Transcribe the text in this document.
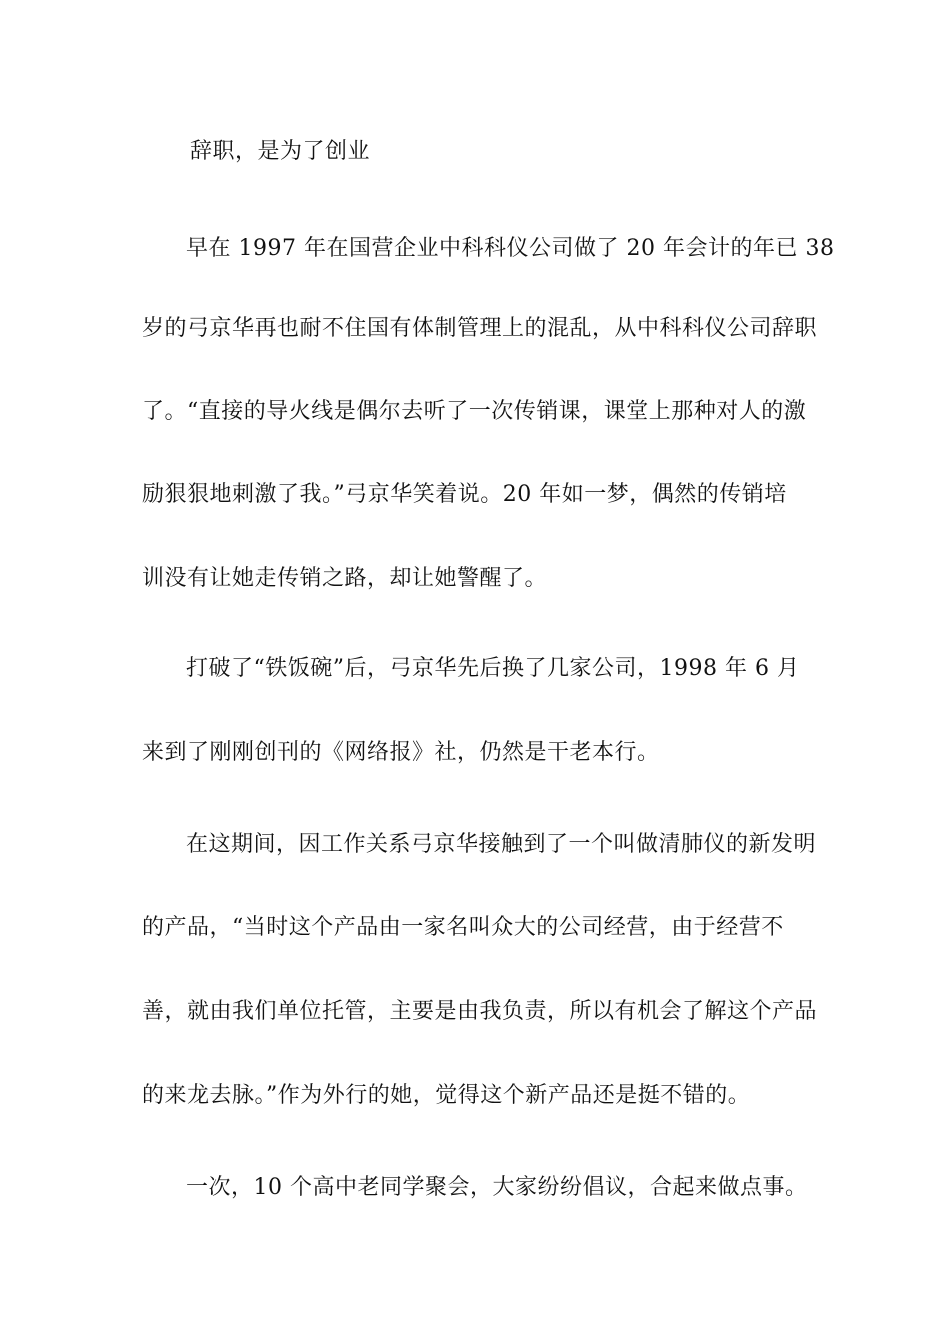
辞职，是为了创业
早在 1997 年在国营企业中科科仪公司做了 20 年会计的年已 38
岁的弓京华再也耐不住国有体制管理上的混乱，从中科科仪公司辞职
了。“直接的导火线是偶尔去听了一次传销课，课堂上那种对人的激
励狠狠地刺激了我。”弓京华笑着说。20 年如一梦，偶然的传销培
训没有让她走传销之路，却让她警醒了。
打破了“铁饭碗”后，弓京华先后换了几家公司，1998 年 6 月
来到了刚刚创刊的《网络报》社，仍然是干老本行。
在这期间，因工作关系弓京华接触到了一个叫做清肺仪的新发明
的产品，“当时这个产品由一家名叫众大的公司经营，由于经营不
善，就由我们单位托管，主要是由我负责，所以有机会了解这个产品
的来龙去脉。”作为外行的她，觉得这个新产品还是挺不错的。
一次，10 个高中老同学聚会，大家纷纷倡议，合起来做点事。
